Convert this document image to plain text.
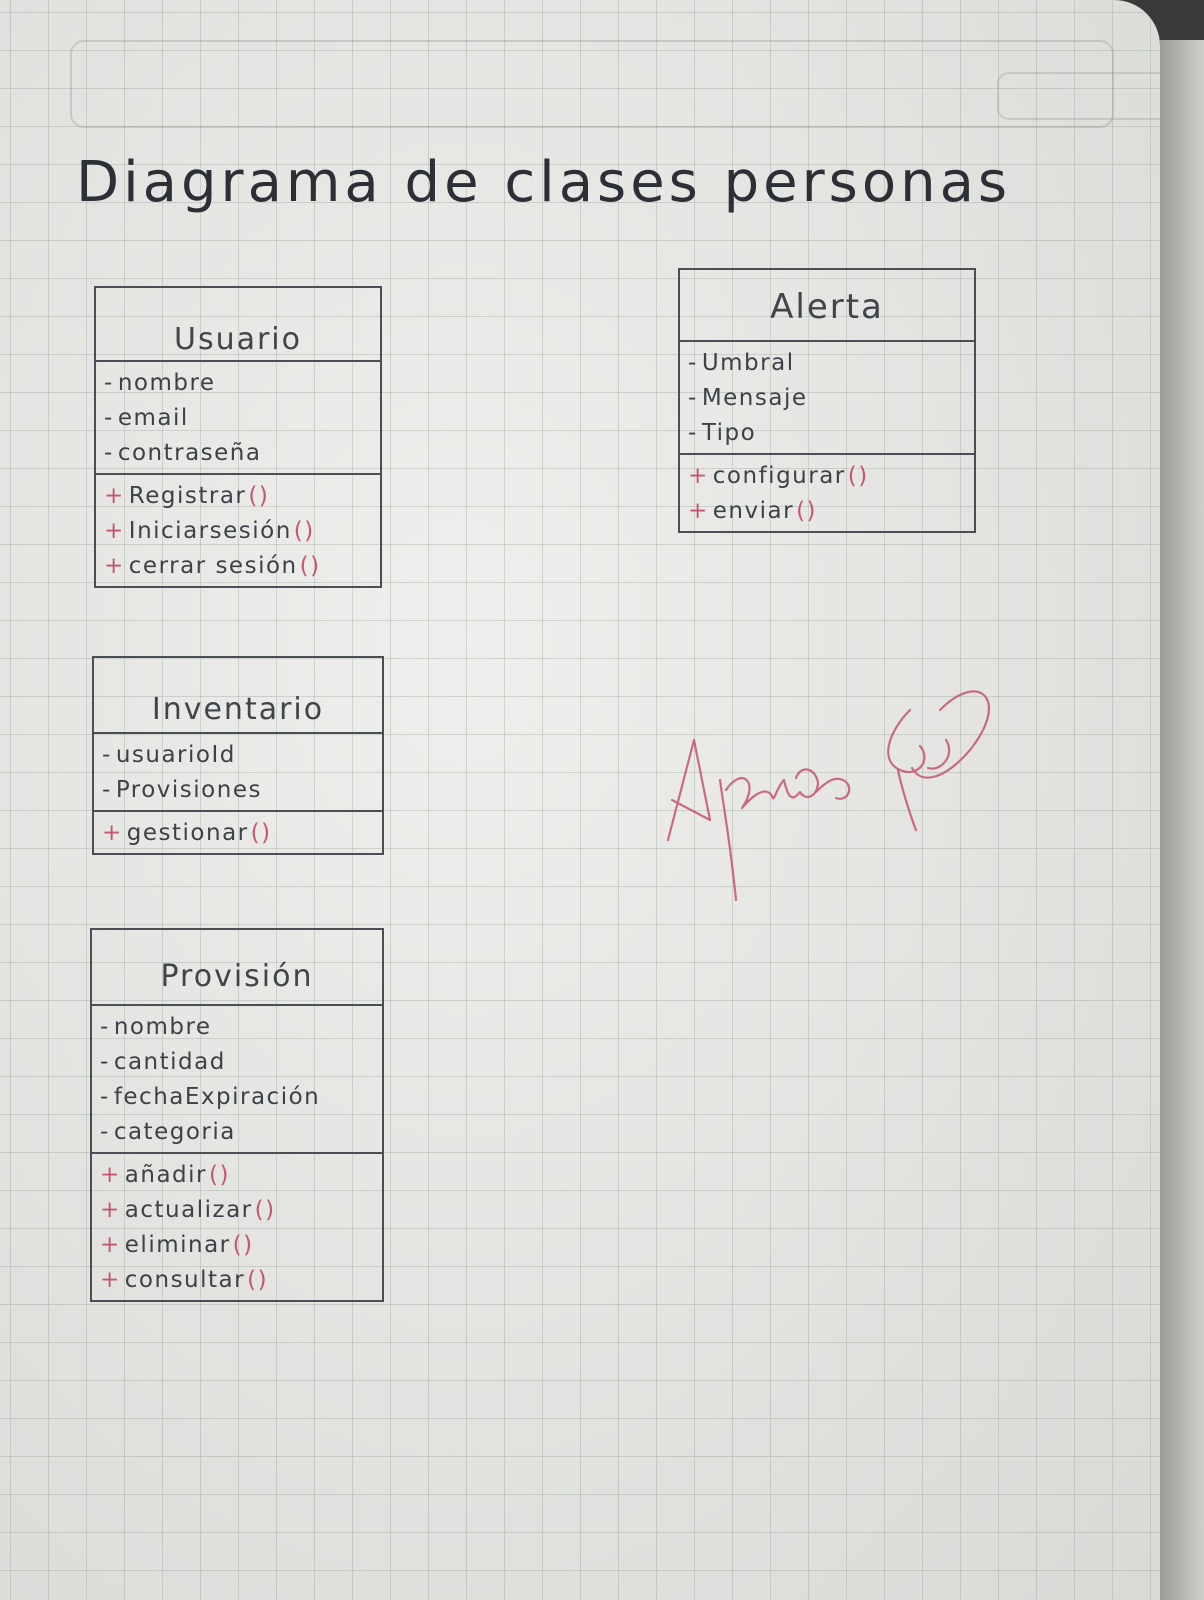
Diagrama de clases personas
Usuario
- nombre
- email
- contraseña
+ Registrar()
+ Iniciarsesión()
+ cerrar sesión()
Alerta
- Umbral
- Mensaje
- Tipo
+ configurar()
+ enviar()
Inventario
- usuarioId
- Provisiones
+ gestionar()
Provisión
- nombre
- cantidad
- fechaExpiración
- categoria
+ añadir()
+ actualizar()
+ eliminar()
+ consultar()
